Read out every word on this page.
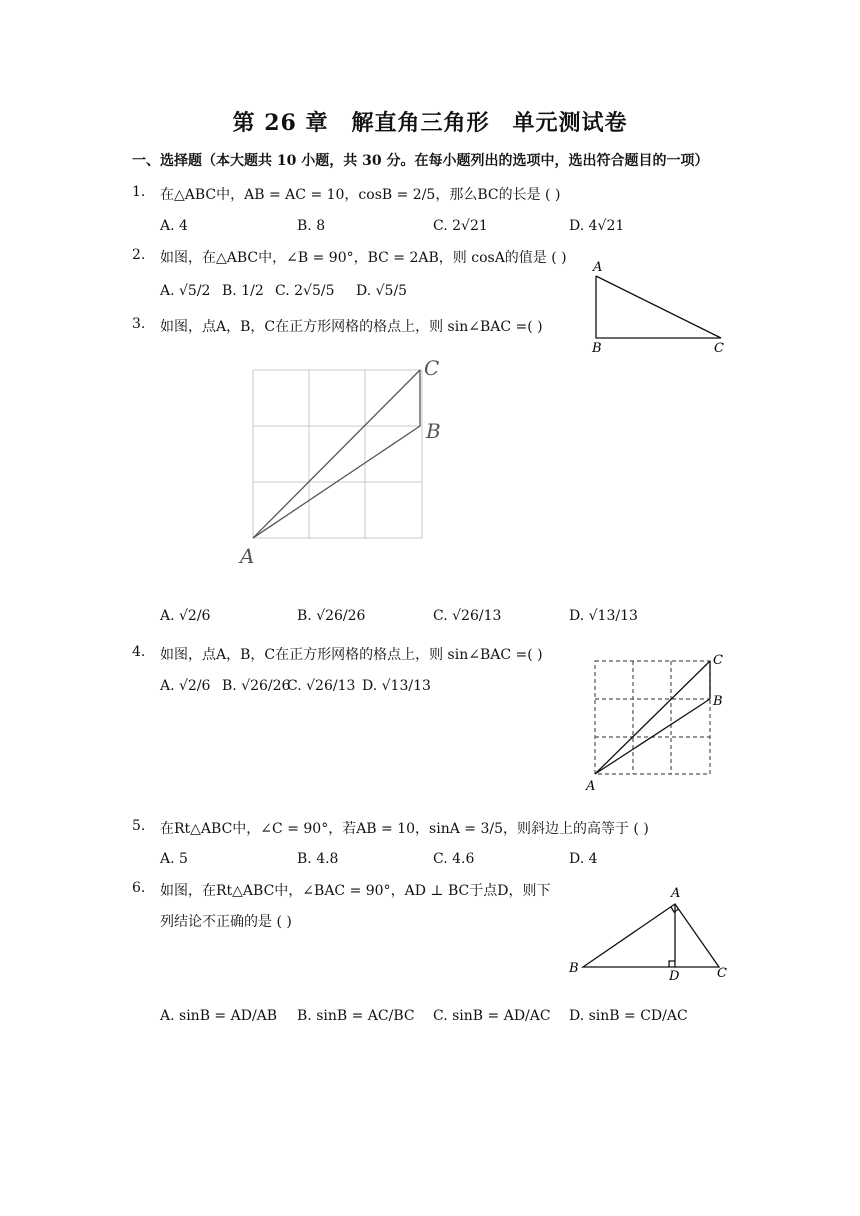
第 26 章　解直角三角形　单元测试卷
一、选择题（本大题共 10 小题，共 30 分。在每小题列出的选项中，选出符合题目的一项）
1. 在△ABC中，AB = AC = 10，cosB = 2/5，那么BC的长是 ( )
A. 4	B. 8	C. 2√21	D. 4√21
2. 如图，在△ABC中，∠B = 90°，BC = 2AB，则 cosA的值是 ( )
A. √5/2 B. 1/2 C. 2√5/5 D. √5/5
A
B	C
3. 如图，点A，B，C在正方形网格的格点上，则 sin∠BAC =( )
C
B
A
A. √2/6	B. √26/26	C. √26/13	D. √13/13
4. 如图，点A，B，C在正方形网格的格点上，则 sin∠BAC =( )
A. √2/6 B. √26/26
C. √26/13 D. √13/13
C
B
A
5. 在Rt△ABC中，∠C = 90°，若AB = 10，sinA = 3/5，则斜边上的高等于 ( )
A. 5	B. 4.8	C. 4.6	D. 4
6. 如图，在Rt△ABC中，∠BAC = 90°，AD ⊥ BC于点D，则下
列结论不正确的是 ( )
A
B
D	C
A. sinB = AD/AB B. sinB = AC/BC C. sinB = AD/AC D. sinB = CD/AC
